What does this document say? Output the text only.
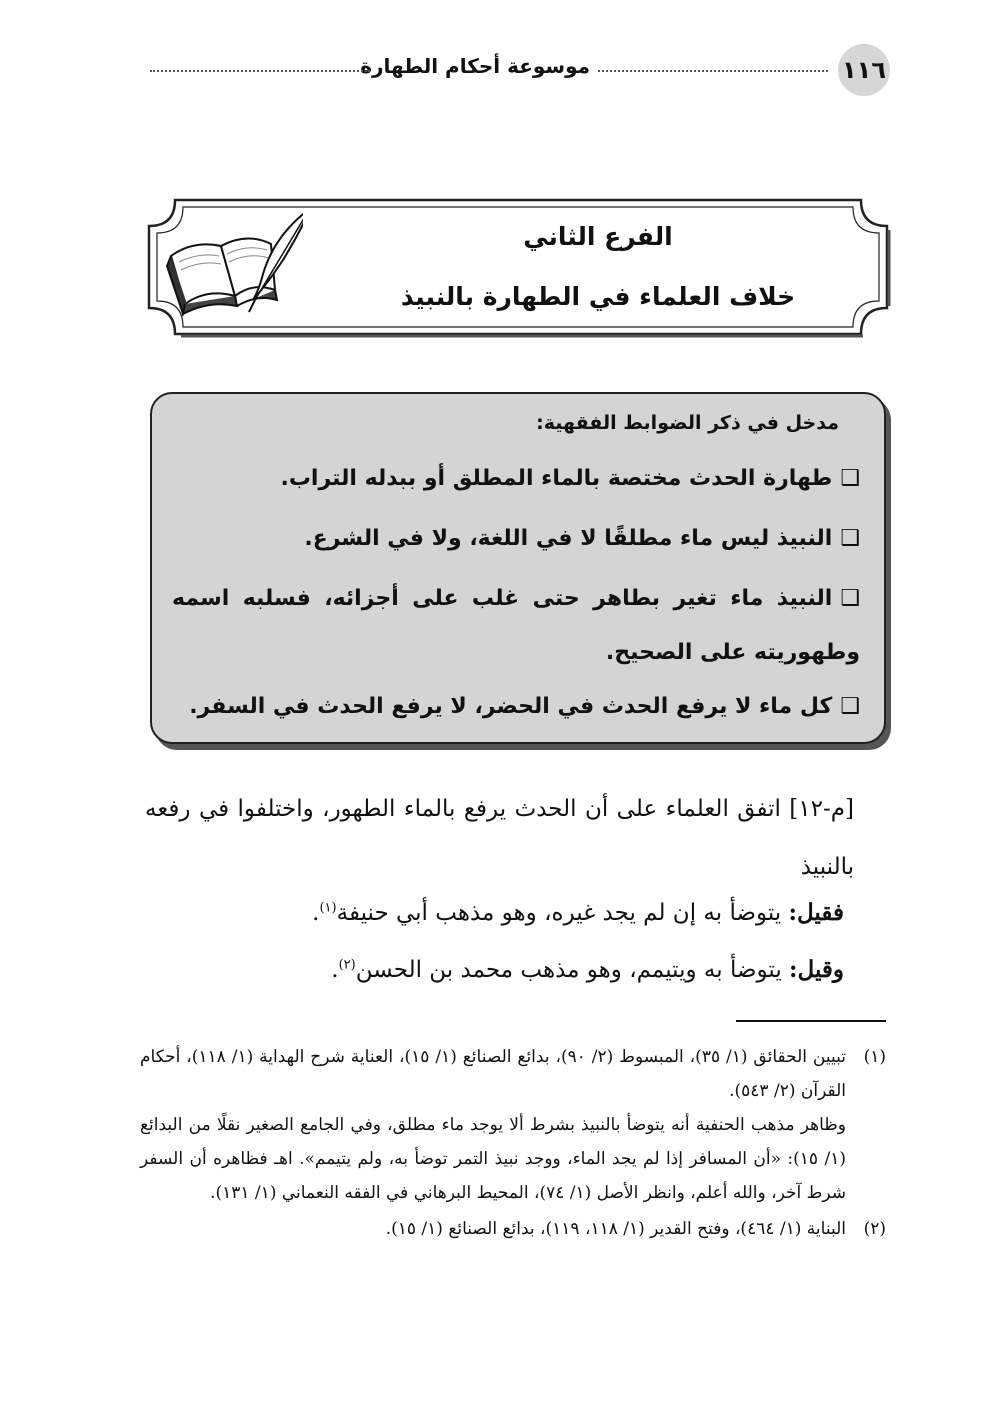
١١٦
موسوعة أحكام الطهارة
الفرع الثاني
خلاف العلماء في الطهارة بالنبيذ
مدخل في ذكر الضوابط الفقهية:
❑طهارة الحدث مختصة بالماء المطلق أو ببدله التراب.
❑النبيذ ليس ماء مطلقًا لا في اللغة، ولا في الشرع.
❑النبيذ ماء تغير بطاهر حتى غلب على أجزائه، فسلبه اسمه وطهوريته على الصحيح.
❑كل ماء لا يرفع الحدث في الحضر، لا يرفع الحدث في السفر.
[م-١٢] اتفق العلماء على أن الحدث يرفع بالماء الطهور، واختلفوا في رفعه بالنبيذ
فقيل: يتوضأ به إن لم يجد غيره، وهو مذهب أبي حنيفة$^{(١)}$.
وقيل: يتوضأ به ويتيمم، وهو مذهب محمد بن الحسن$^{(٢)}$.
(١)
تبيين الحقائق (١/ ٣٥)، المبسوط (٢/ ٩٠)، بدائع الصنائع (١/ ١٥)، العناية شرح الهداية (١/ ١١٨)، أحكام القرآن (٢/ ٥٤٣).
وظاهر مذهب الحنفية أنه يتوضأ بالنبيذ بشرط ألا يوجد ماء مطلق، وفي الجامع الصغير نقلًا من البدائع (١/ ١٥): «أن المسافر إذا لم يجد الماء، ووجد نبيذ التمر توضأ به، ولم يتيمم». اهـ فظاهره أن السفر شرط آخر، والله أعلم، وانظر الأصل (١/ ٧٤)، المحيط البرهاني في الفقه النعماني (١/ ١٣١).
(٢)
البناية (١/ ٤٦٤)، وفتح القدير (١/ ١١٨، ١١٩)، بدائع الصنائع (١/ ١٥).
